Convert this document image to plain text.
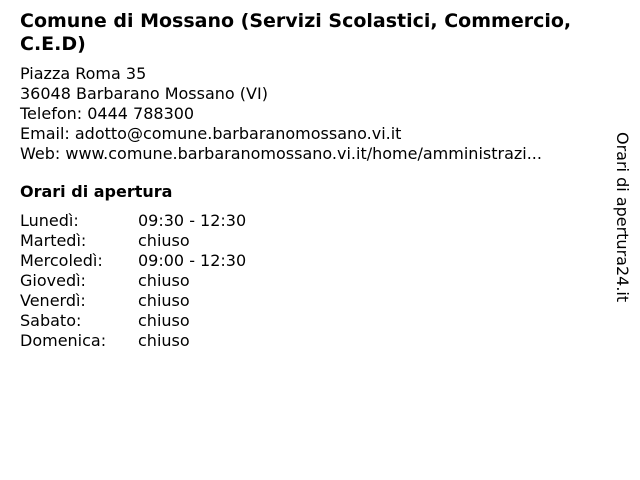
Comune di Mossano (Servizi Scolastici, Commercio, C.E.D)
Piazza Roma 35
36048 Barbarano Mossano (VI)
Telefon: 0444 788300
Email: adotto@comune.barbaranomossano.vi.it
Web: www.comune.barbaranomossano.vi.it/home/amministrazi...
Orari di apertura
Lunedì:	09:30 - 12:30
Martedì:	chiuso
Mercoledì:	09:00 - 12:30
Giovedì:	chiuso
Venerdì:	chiuso
Sabato:	chiuso
Domenica:	chiuso
Orari di apertura24.it
